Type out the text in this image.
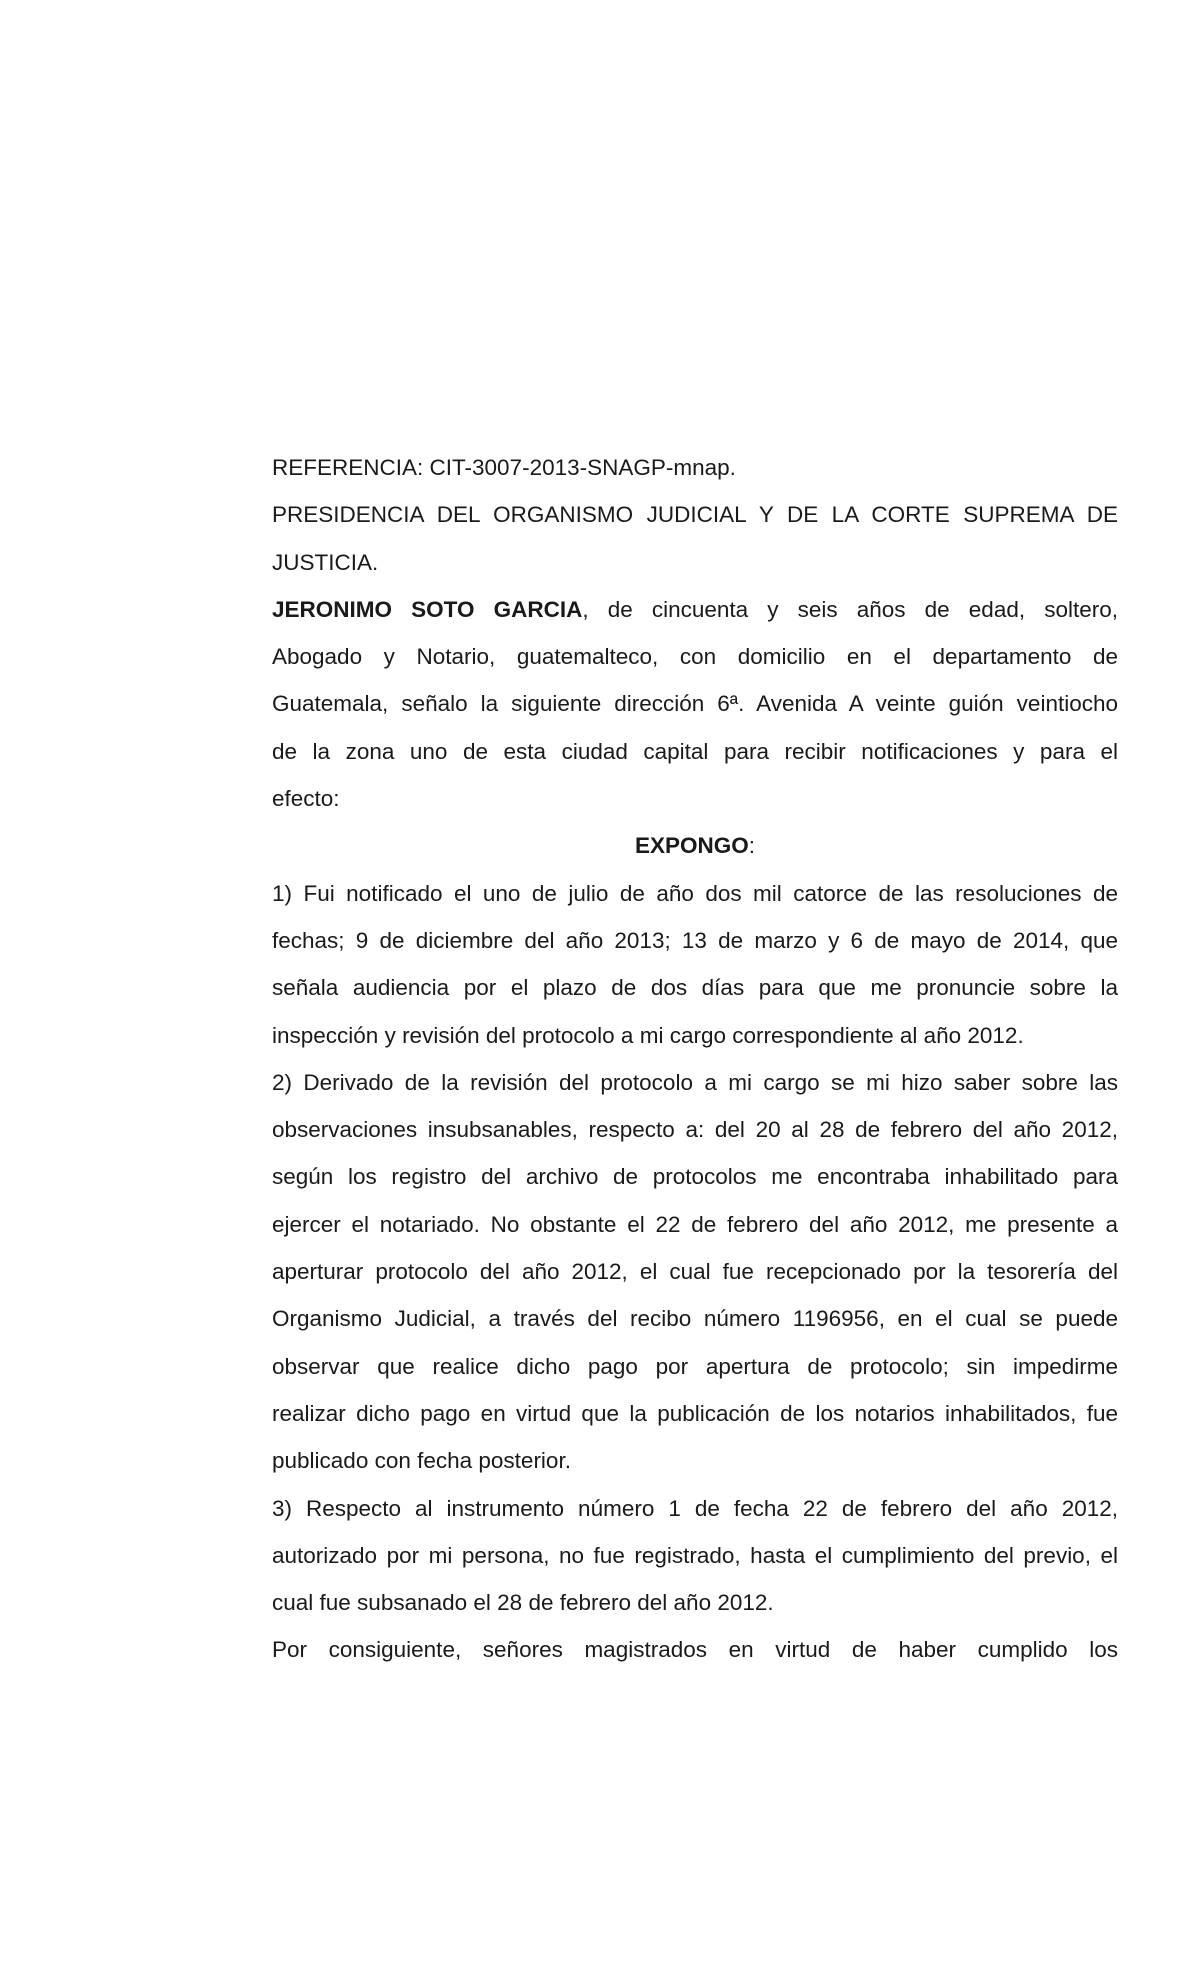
REFERENCIA: CIT-3007-2013-SNAGP-mnap.
PRESIDENCIA DEL ORGANISMO JUDICIAL Y DE LA CORTE SUPREMA DE
JUSTICIA.
JERONIMO SOTO GARCIA, de cincuenta y seis años de edad, soltero,
Abogado y Notario, guatemalteco, con domicilio en el departamento de
Guatemala, señalo la siguiente dirección 6ª. Avenida A veinte guión veintiocho
de la zona uno de esta ciudad capital para recibir notificaciones y para el
efecto:
EXPONGO:
1) Fui notificado el uno de julio de año dos mil catorce de las resoluciones de
fechas; 9 de diciembre del año 2013; 13 de marzo y 6 de mayo de 2014, que
señala audiencia por el plazo de dos días para que me pronuncie sobre la
inspección y revisión del protocolo a mi cargo correspondiente al año 2012.
2) Derivado de la revisión del protocolo a mi cargo se mi hizo saber sobre las
observaciones insubsanables, respecto a: del 20 al 28 de febrero del año 2012,
según los registro del archivo de protocolos me encontraba inhabilitado para
ejercer el notariado. No obstante el 22 de febrero del año 2012, me presente a
aperturar protocolo del año 2012, el cual fue recepcionado por la tesorería del
Organismo Judicial, a través del recibo número 1196956, en el cual se puede
observar que realice dicho pago por apertura de protocolo; sin impedirme
realizar dicho pago en virtud que la publicación de los notarios inhabilitados, fue
publicado con fecha posterior.
3) Respecto al instrumento número 1 de fecha 22 de febrero del año 2012,
autorizado por mi persona, no fue registrado, hasta el cumplimiento del previo, el
cual fue subsanado el 28 de febrero del año 2012.
Por consiguiente, señores magistrados en virtud de haber cumplido los
